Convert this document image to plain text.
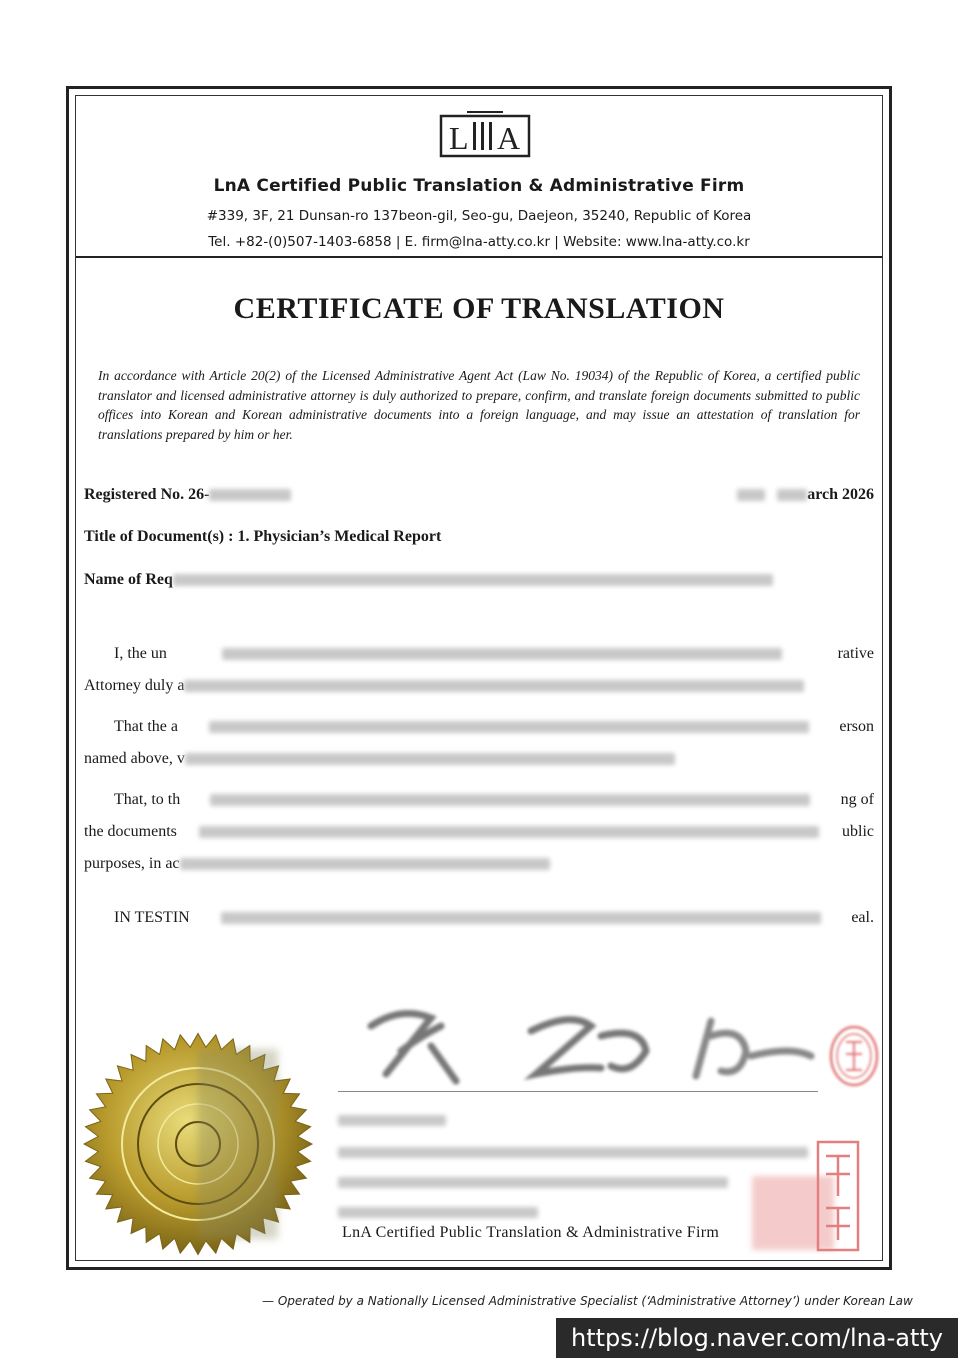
L A
LnA Certified Public Translation & Administrative Firm
#339, 3F, 21 Dunsan-ro 137beon-gil, Seo-gu, Daejeon, 35240, Republic of Korea
Tel. +82-(0)507-1403-6858 | E. firm@lna-atty.co.kr | Website: www.lna-atty.co.kr
CERTIFICATE OF TRANSLATION
In accordance with Article 20(2) of the Licensed Administrative Agent Act (Law No. 19034) of the Republic of Korea, a certified public translator and licensed administrative attorney is duly authorized to prepare, confirm, and translate foreign documents submitted to public offices into Korean and Korean administrative documents into a foreign language, and may issue an attestation of translation for translations prepared by him or her.
Registered No. 26-	arch 2026
Title of Document(s) : 1. Physician’s Medical Report
Name of Req
I, the un	rative
Attorney duly a
That the a	erson
named above, v
That, to th	ng of
the documents	ublic
purposes, in ac
IN TESTIN	eal.
LnA Certified Public Translation & Administrative Firm
— Operated by a Nationally Licensed Administrative Specialist (‘Administrative Attorney’) under Korean Law
https://blog.naver.com/lna-atty
